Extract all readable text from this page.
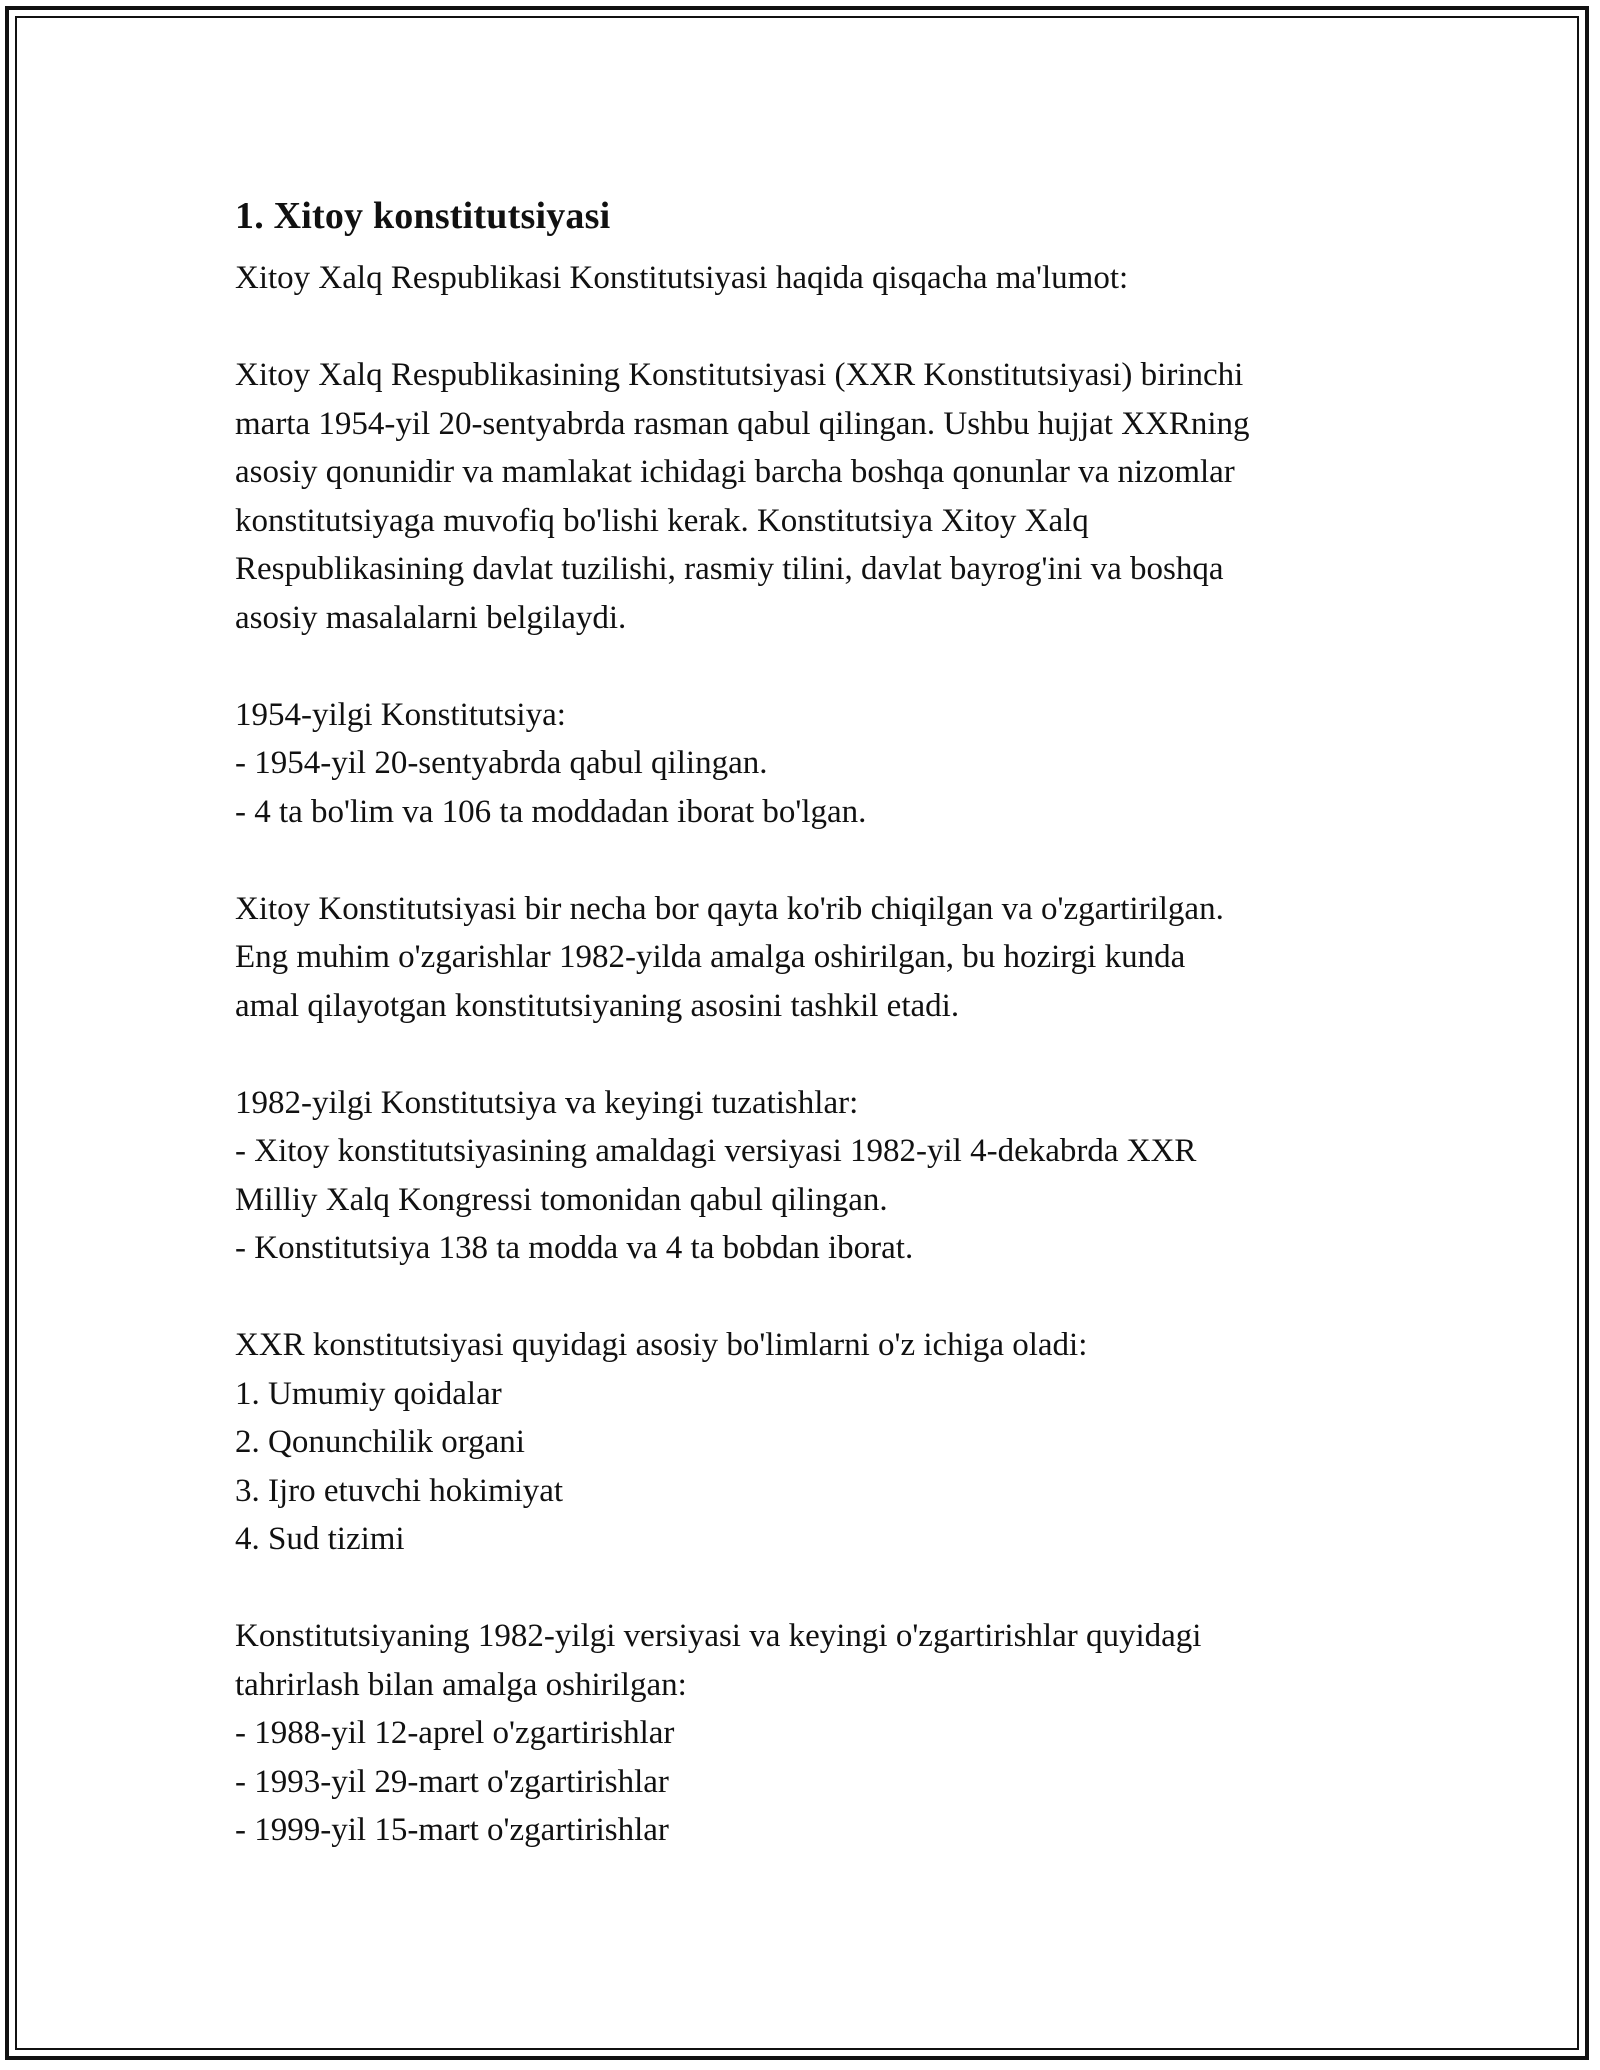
1. Xitoy konstitutsiyasi
Xitoy Xalq Respublikasi Konstitutsiyasi haqida qisqacha ma'lumot:
Xitoy Xalq Respublikasining Konstitutsiyasi (XXR Konstitutsiyasi) birinchi
marta 1954-yil 20-sentyabrda rasman qabul qilingan. Ushbu hujjat XXRning
asosiy qonunidir va mamlakat ichidagi barcha boshqa qonunlar va nizomlar
konstitutsiyaga muvofiq bo'lishi kerak. Konstitutsiya Xitoy Xalq
Respublikasining davlat tuzilishi, rasmiy tilini, davlat bayrog'ini va boshqa
asosiy masalalarni belgilaydi.
1954-yilgi Konstitutsiya:
- 1954-yil 20-sentyabrda qabul qilingan.
- 4 ta bo'lim va 106 ta moddadan iborat bo'lgan.
Xitoy Konstitutsiyasi bir necha bor qayta ko'rib chiqilgan va o'zgartirilgan.
Eng muhim o'zgarishlar 1982-yilda amalga oshirilgan, bu hozirgi kunda
amal qilayotgan konstitutsiyaning asosini tashkil etadi.
1982-yilgi Konstitutsiya va keyingi tuzatishlar:
- Xitoy konstitutsiyasining amaldagi versiyasi 1982-yil 4-dekabrda XXR
Milliy Xalq Kongressi tomonidan qabul qilingan.
- Konstitutsiya 138 ta modda va 4 ta bobdan iborat.
XXR konstitutsiyasi quyidagi asosiy bo'limlarni o'z ichiga oladi:
1. Umumiy qoidalar
2. Qonunchilik organi
3. Ijro etuvchi hokimiyat
4. Sud tizimi
Konstitutsiyaning 1982-yilgi versiyasi va keyingi o'zgartirishlar quyidagi
tahrirlash bilan amalga oshirilgan:
- 1988-yil 12-aprel o'zgartirishlar
- 1993-yil 29-mart o'zgartirishlar
- 1999-yil 15-mart o'zgartirishlar
